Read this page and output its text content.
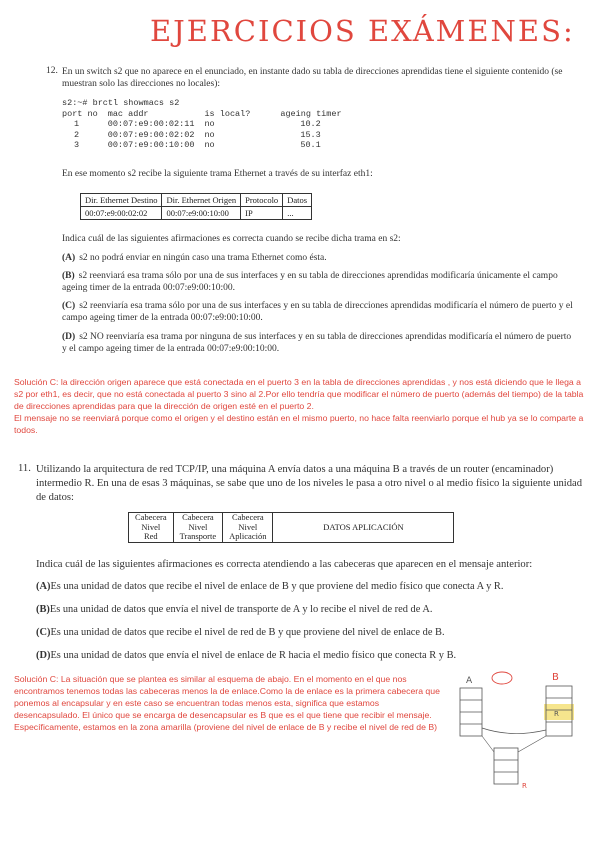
EJERCICIOS EXÁMENES:
12. En un switch s2 que no aparece en el enunciado, en instante dado su tabla de direcciones aprendidas tiene el siguiente contenido (se muestran solo las direcciones no locales):
s2:~# brctl showmacs s2
port no	mac addr	is local?	ageing timer
1	00:07:e9:00:02:11	no	10.2
2	00:07:e9:00:02:02	no	15.3
3	00:07:e9:00:10:00	no	50.1
En ese momento s2 recibe la siguiente trama Ethernet a través de su interfaz eth1:
Dir. Ethernet Destino	Dir. Ethernet Origen	Protocolo	Datos
00:07:e9:00:02:02	00:07:e9:00:10:00	IP	...
Indica cuál de las siguientes afirmaciones es correcta cuando se recibe dicha trama en s2:
(A) s2 no podrá enviar en ningún caso una trama Ethernet como ésta.
(B) s2 reenviará esa trama sólo por una de sus interfaces y en su tabla de direcciones aprendidas modificaría únicamente el campo ageing timer de la entrada 00:07:e9:00:10:00.
(C) s2 reenviaría esa trama sólo por una de sus interfaces y en su tabla de direcciones aprendidas modificaría el número de puerto y el campo ageing timer de la entrada 00:07:e9:00:10:00.
(D) s2 NO reenviaría esa trama por ninguna de sus interfaces y en su tabla de direcciones aprendidas modificaría el número de puerto y el campo ageing timer de la entrada 00:07:e9:00:10:00.
Solución C: la dirección origen aparece que está conectada en el puerto 3 en la tabla de direcciones aprendidas , y nos está diciendo que le llega a s2 por eth1, es decir, que no está conectada al puerto 3 sino al 2.Por ello tendría que modificar el número de puerto (además del tiempo) de la tabla de direcciones aprendidas para que la dirección de origen esté en el puerto 2.
El mensaje no se reenviará porque como el origen y el destino están en el mismo puerto, no hace falta reenviarlo porque el hub ya se lo comparte a todos.
11. Utilizando la arquitectura de red TCP/IP, una máquina A envía datos a una máquina B a través de un router (encaminador) intermedio R. En una de esas 3 máquinas, se sabe que uno de los niveles le pasa a otro nivel o al medio físico la siguiente unidad de datos:
Cabecera
Nivel
Red

Cabecera
Nivel
Transporte

Cabecera
Nivel
Aplicación
	DATOS APLICACIÓN
Indica cuál de las siguientes afirmaciones es correcta atendiendo a las cabeceras que aparecen en el mensaje anterior:
(A)Es una unidad de datos que recibe el nivel de enlace de B y que proviene del medio físico que conecta A y R.
(B)Es una unidad de datos que envía el nivel de transporte de A y lo recibe el nivel de red de A.
(C)Es una unidad de datos que recibe el nivel de red de B y que proviene del nivel de enlace de B.
(D)Es una unidad de datos que envía el nivel de enlace de R hacia el medio físico que conecta R y B.
Solución C: La situación que se plantea es similar al esquema de abajo. En el momento en el que nos encontramos tenemos todas las cabeceras menos la de enlace.Como la de enlace es la primera cabecera que ponemos al encapsular y en este caso se encuentran todas menos esta, significa que estamos desencapsulado. El único que se encarga de desencapsular es B que es el que tiene que recibir el mensaje. Específicamente, estamos en la zona amarilla (proviene del nivel de enlace de B y recibe el nivel de red de B)
A	B
R
R
